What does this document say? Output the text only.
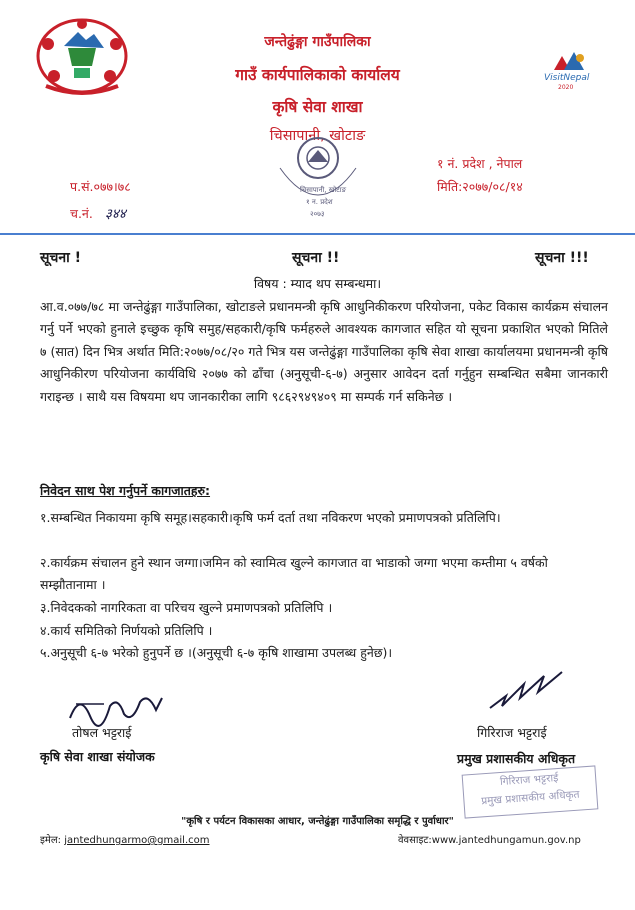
जन्तेढुंङ्गा गाउँपालिका
गाउँ कार्यपालिकाको कार्यालय
कृषि सेवा शाखा
चिसापानी, खोटाङ
VisitNepal
2020
१ नं. प्रदेश , नेपाल
प.सं.०७७।७८	मिति:२०७७/०८/१४
च.नं. ३४४
चिसापानी, खोटाङ
१ न. प्रदेश
२०७३
सूचना !	सूचना !!	सूचना !!!
विषय : म्याद थप सम्बन्धमा।
आ.व.०७७/७८ मा जन्तेढुंङ्गा गाउँपालिका, खोटाङले प्रधानमन्त्री कृषि आधुनिकीकरण परियोजना, पकेट विकास कार्यक्रम संचालन गर्नु पर्ने भएको हुनाले इच्छुक कृषि समुह/सहकारी/कृषि फर्महरुले आवश्यक कागजात सहित यो सूचना प्रकाशित भएको मितिले ७ (सात) दिन भित्र अर्थात मिति:२०७७/०८/२० गते भित्र यस जन्तेढुंङ्गा गाउँपालिका कृषि सेवा शाखा कार्यालयमा प्रधानमन्त्री कृषि आधुनिकीरण परियोजना कार्यविधि २०७७ को ढाँचा (अनुसूची-६-७) अनुसार आवेदन दर्ता गर्नुहुन सम्बन्धित सबैमा जानकारी गराइन्छ । साथै यस विषयमा थप जानकारीका लागि ९८६२९४९४०९ मा सम्पर्क गर्न सकिनेछ ।
निवेदन साथ पेश गर्नुपर्ने कागजातहरु:
१.सम्बन्धित निकायमा कृषि समूह।सहकारी।कृषि फर्म दर्ता तथा नविकरण भएको प्रमाणपत्रको प्रतिलिपि।
२.कार्यक्रम संचालन हुने स्थान जग्गा।जमिन को स्वामित्व खुल्ने कागजात वा भाडाको जग्गा भएमा कम्तीमा ५ वर्षको सम्झौतानामा ।
३.निवेदकको नागरिकता वा परिचय खुल्ने प्रमाणपत्रको प्रतिलिपि ।
४.कार्य समितिको निर्णयको प्रतिलिपि ।
५.अनुसूची ६-७ भरेको हुनुपर्ने छ ।(अनुसूची ६-७ कृषि शाखामा उपलब्ध हुनेछ)।
तोषल भट्टराई
कृषि सेवा शाखा संयोजक
गिरिराज भट्टराई
प्रमुख प्रशासकीय अधिकृत
गिरिराज भट्टराई
प्रमुख प्रशासकीय अधिकृत
"कृषि र पर्यटन विकासका आधार, जन्तेढुंङ्गा गाउँपालिका समृद्धि र पुर्वाधार"
इमेल: jantedhungarmo@gmail.com	वेवसाइट:www.jantedhungamun.gov.np
